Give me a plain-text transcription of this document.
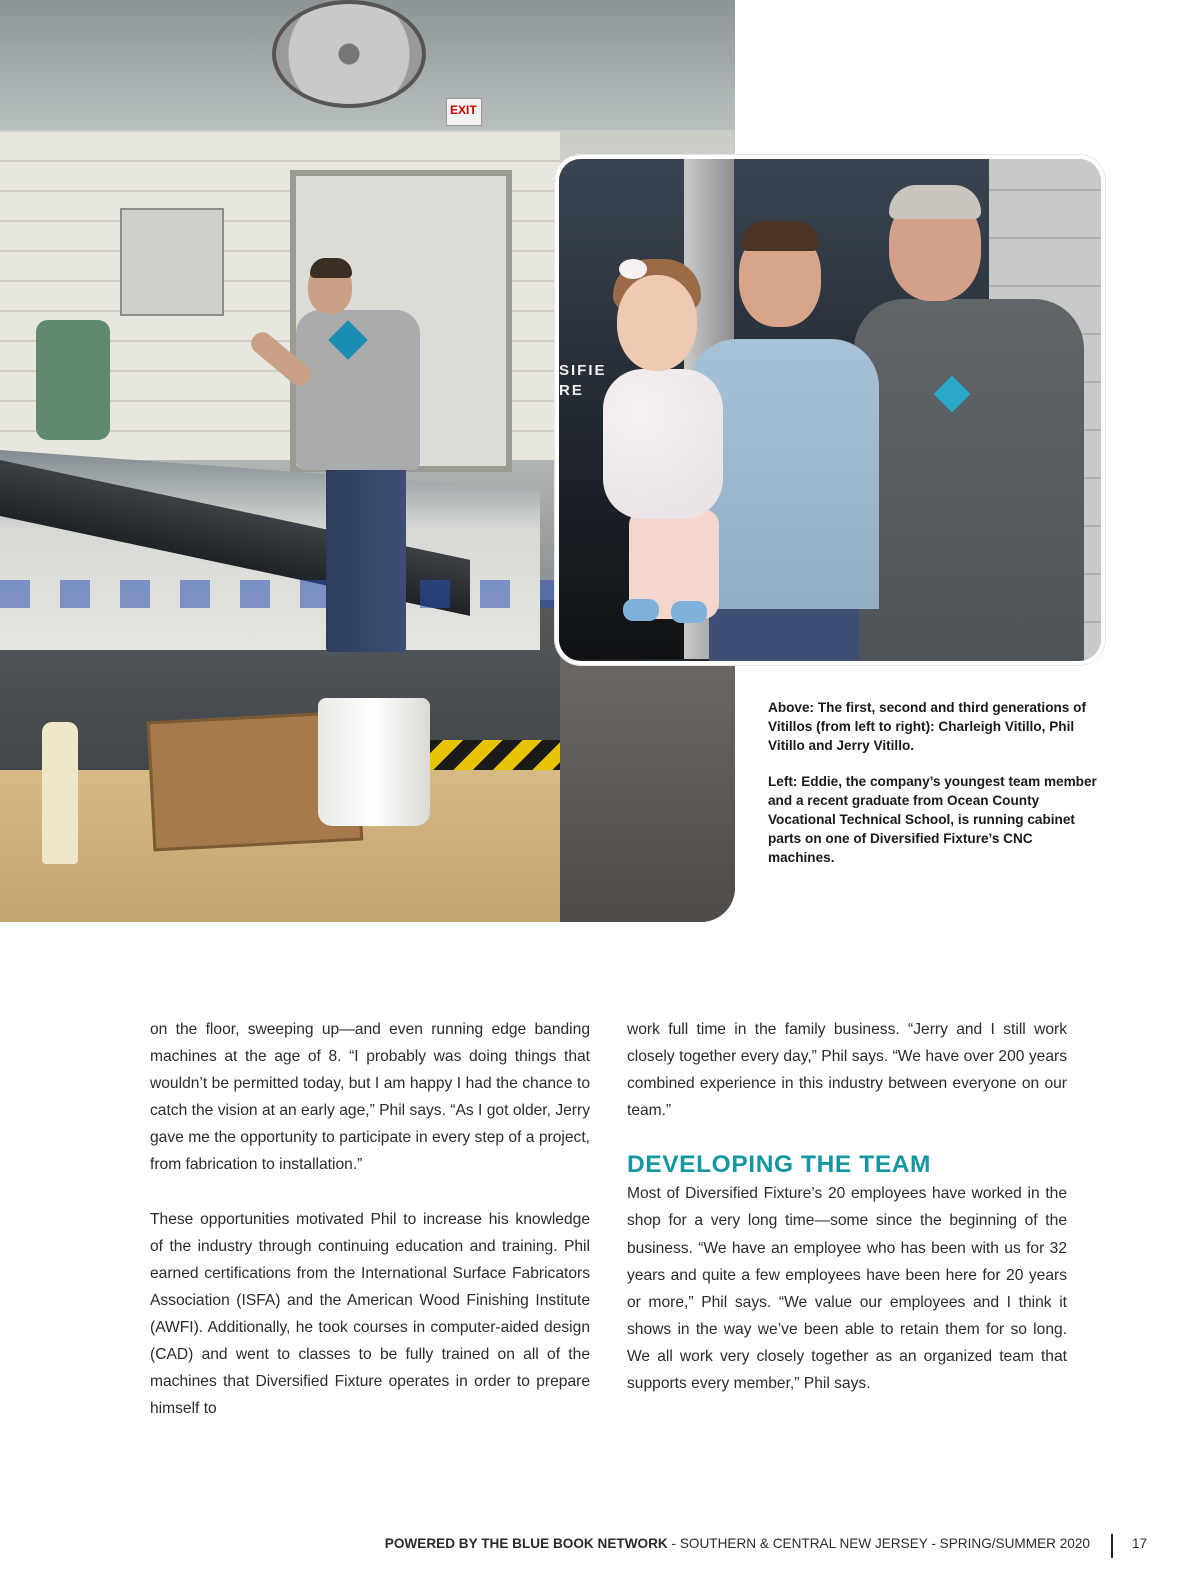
EXIT
SIFIE
RE

Above: The first, second and third generations of Vitillos (from left to right): Charleigh Vitillo, Phil Vitillo and Jerry Vitillo.

Left: Eddie, the company’s youngest team member and a recent graduate from Ocean County Vocational Technical School, is running cabinet parts on one of Diversified Fixture’s CNC machines.

on the floor, sweeping up—and even running edge banding machines at the age of 8. “I probably was doing things that wouldn’t be permitted today, but I am happy I had the chance to catch the vision at an early age,” Phil says. “As I got older, Jerry gave me the opportunity to participate in every step of a project, from fabrication to installation.”

These opportunities motivated Phil to increase his knowledge of the industry through continuing education and training. Phil earned certifications from the International Surface Fabricators Association (ISFA) and the American Wood Finishing Institute (AWFI). Additionally, he took courses in computer-aided design (CAD) and went to classes to be fully trained on all of the machines that Diversified Fixture operates in order to prepare himself to

work full time in the family business. “Jerry and I still work closely together every day,” Phil says. “We have over 200 years combined experience in this industry between everyone on our team.”

DEVELOPING THE TEAM

Most of Diversified Fixture’s 20 employees have worked in the shop for a very long time—some since the beginning of the business. “We have an employee who has been with us for 32 years and quite a few employees have been here for 20 years or more,” Phil says. “We value our employees and I think it shows in the way we’ve been able to retain them for so long. We all work very closely together as an organized team that supports every member,” Phil says.

POWERED BY THE BLUE BOOK NETWORK - SOUTHERN & CENTRAL NEW JERSEY - SPRING/SUMMER 2020	17
